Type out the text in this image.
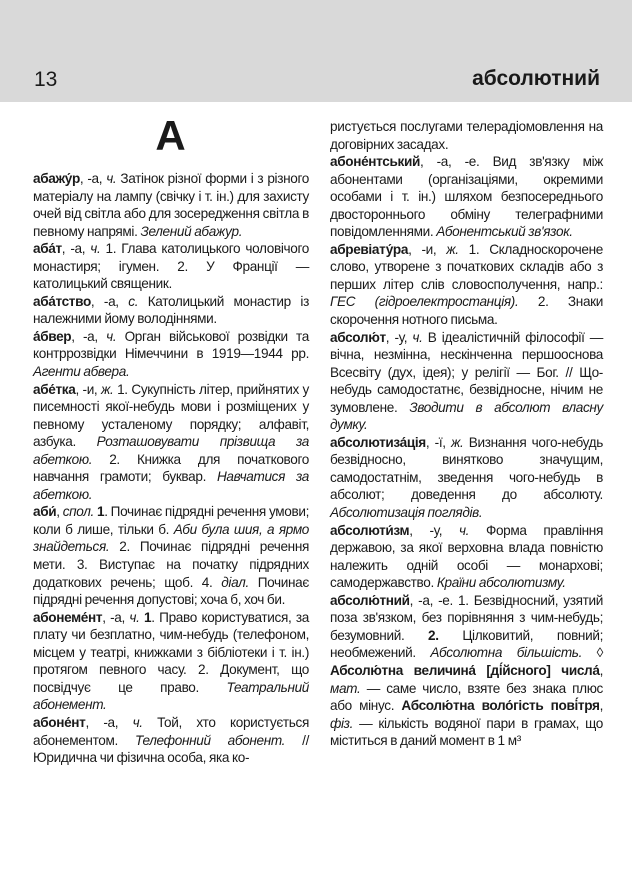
13	абсолютний
А

абажу́р, -а, ч. Затінок різної форми і з різного матеріалу на лампу (свічку і т. ін.) для захисту очей від світла або для зосередження світла в певному напрямі. Зелений абажур.

аба́т, -а, ч. 1. Глава католицького чоловічого монастиря; ігумен. 2. У Франції — католицький священик.

аба́тство, -а, с. Католицький монастир із належними йому володіннями.

а́бвер, -а, ч. Орган військової розвідки та контррозвідки Німеччини в 1919—1944 рр. Агенти абвера.

абе́тка, -и, ж. 1. Сукупність літер, прийнятих у писемності якої-небудь мови і розміщених у певному усталеному порядку; алфавіт, азбука. Розташовувати прізвища за абеткою. 2. Книжка для початкового навчання грамоти; буквар. Навчатися за абеткою.

аби́, спол. 1. Починає підрядні речення умови; коли б лише, тільки б. Аби була шия, а ярмо знайдеться. 2. Починає підрядні речення мети. 3. Виступає на початку підрядних додаткових речень; щоб. 4. діал. Починає підрядні речення допустові; хоча б, хоч би.

абонеме́нт, -а, ч. 1. Право користуватися, за плату чи безплатно, чим-небудь (телефоном, місцем у театрі, книжками з бібліотеки і т. ін.) протягом певного часу. 2. Документ, що посвідчує це право. Театральний абонемент.

абоне́нт, -а, ч. Той, хто користується абонементом. Телефонний абонент. // Юридична чи фізична особа, яка ко-

ристується послугами телерадіомовлення на договірних засадах.

абоне́нтський, -а, -е. Вид зв'язку між абонентами (організаціями, окремими особами і т. ін.) шляхом безпосереднього двостороннього обміну телеграфними повідомленнями. Абонентський зв'язок.

абревіату́ра, -и, ж. 1. Складноскорочене слово, утворене з початкових складів або з перших літер слів словосполучення, напр.: ГЕС (гідроелектростанція). 2. Знаки скорочення нотного письма.

абсолю́т, -у, ч. В ідеалістичній філософії — вічна, незмінна, нескінченна першооснова Всесвіту (дух, ідея); у релігії — Бог. // Що-небудь самодостатнє, безвідносне, нічим не зумовлене. Зводити в абсолют власну думку.

абсолютиза́ція, -ї, ж. Визнання чого-небудь безвідносно, винятково значущим, самодостатнім, зведення чого-небудь в абсолют; доведення до абсолюту. Абсолютизація поглядів.

абсолюти́зм, -у, ч. Форма правління державою, за якої верховна влада повністю належить одній особі — монархові; самодержавство. Країни абсолютизму.

абсолю́тний, -а, -е. 1. Безвідносний, узятий поза зв'язком, без порівняння з чим-небудь; безумовний. 2. Цілковитий, повний; необмежений. Абсолютна більшість. ◊ Абсолю́тна величина́ [ді́йсного] числа́, мат. — саме число, взяте без знака плюс або мінус. Абсолю́тна воло́гість пові́тря, фіз. — кількість водяної пари в грамах, що міститься в даний момент в 1 м³
